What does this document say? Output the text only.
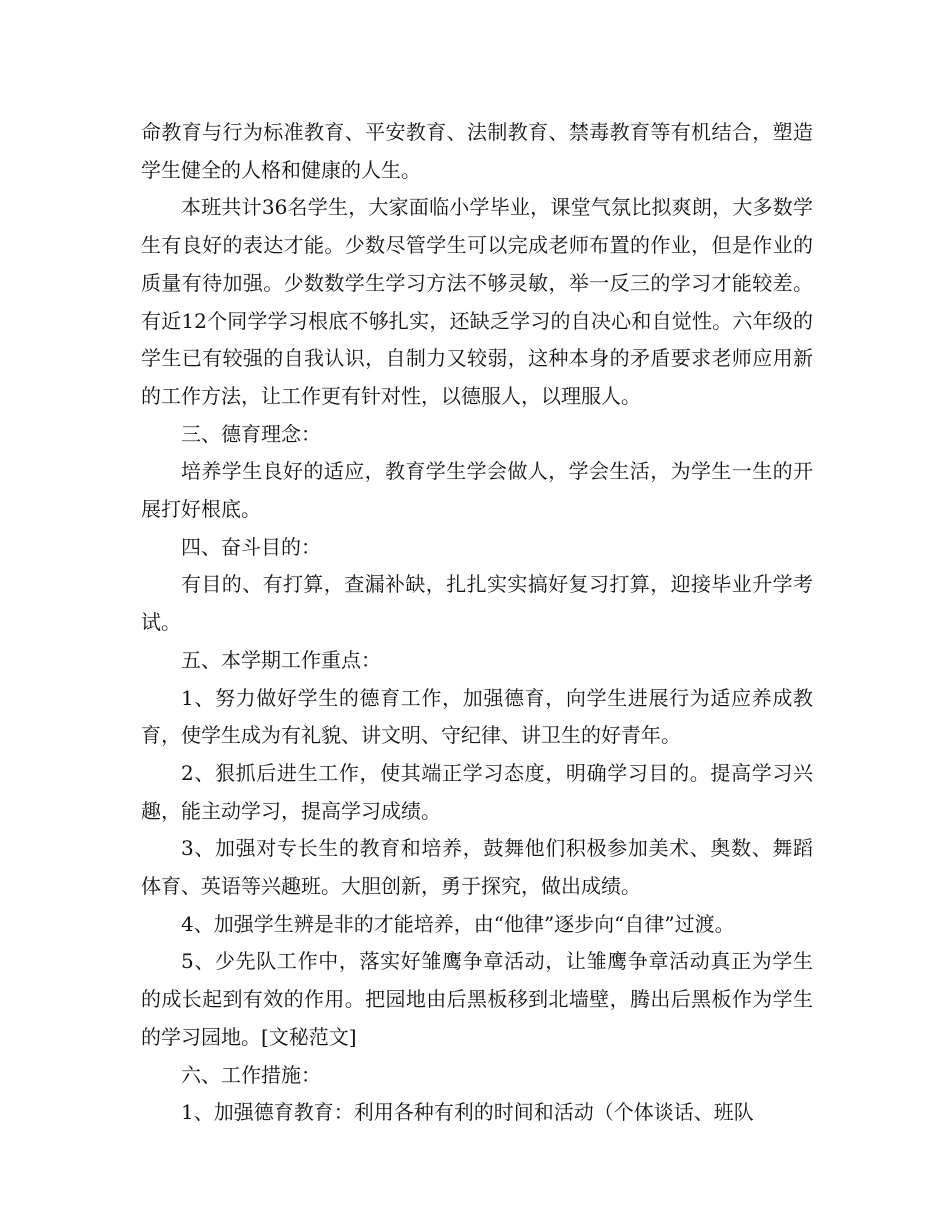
命教育与行为标准教育、平安教育、法制教育、禁毒教育等有机结合，塑造学生健全的人格和健康的人生。

本班共计36名学生，大家面临小学毕业，课堂气氛比拟爽朗，大多数学生有良好的表达才能。少数尽管学生可以完成老师布置的作业，但是作业的质量有待加强。少数数学生学习方法不够灵敏，举一反三的学习才能较差。有近12个同学学习根底不够扎实，还缺乏学习的自决心和自觉性。六年级的学生已有较强的自我认识，自制力又较弱，这种本身的矛盾要求老师应用新的工作方法，让工作更有针对性，以德服人，以理服人。

三、德育理念：

培养学生良好的适应，教育学生学会做人，学会生活，为学生一生的开展打好根底。

四、奋斗目的：

有目的、有打算，查漏补缺，扎扎实实搞好复习打算，迎接毕业升学考试。

五、本学期工作重点：

1、努力做好学生的德育工作，加强德育，向学生进展行为适应养成教育，使学生成为有礼貌、讲文明、守纪律、讲卫生的好青年。

2、狠抓后进生工作，使其端正学习态度，明确学习目的。提高学习兴趣，能主动学习，提高学习成绩。

3、加强对专长生的教育和培养，鼓舞他们积极参加美术、奥数、舞蹈体育、英语等兴趣班。大胆创新，勇于探究，做出成绩。

4、加强学生辨是非的才能培养，由“他律”逐步向“自律”过渡。

5、少先队工作中，落实好雏鹰争章活动，让雏鹰争章活动真正为学生的成长起到有效的作用。把园地由后黑板移到北墙壁，腾出后黑板作为学生的学习园地。[文秘范文]

六、工作措施：

1、加强德育教育：利用各种有利的时间和活动（个体谈话、班队
